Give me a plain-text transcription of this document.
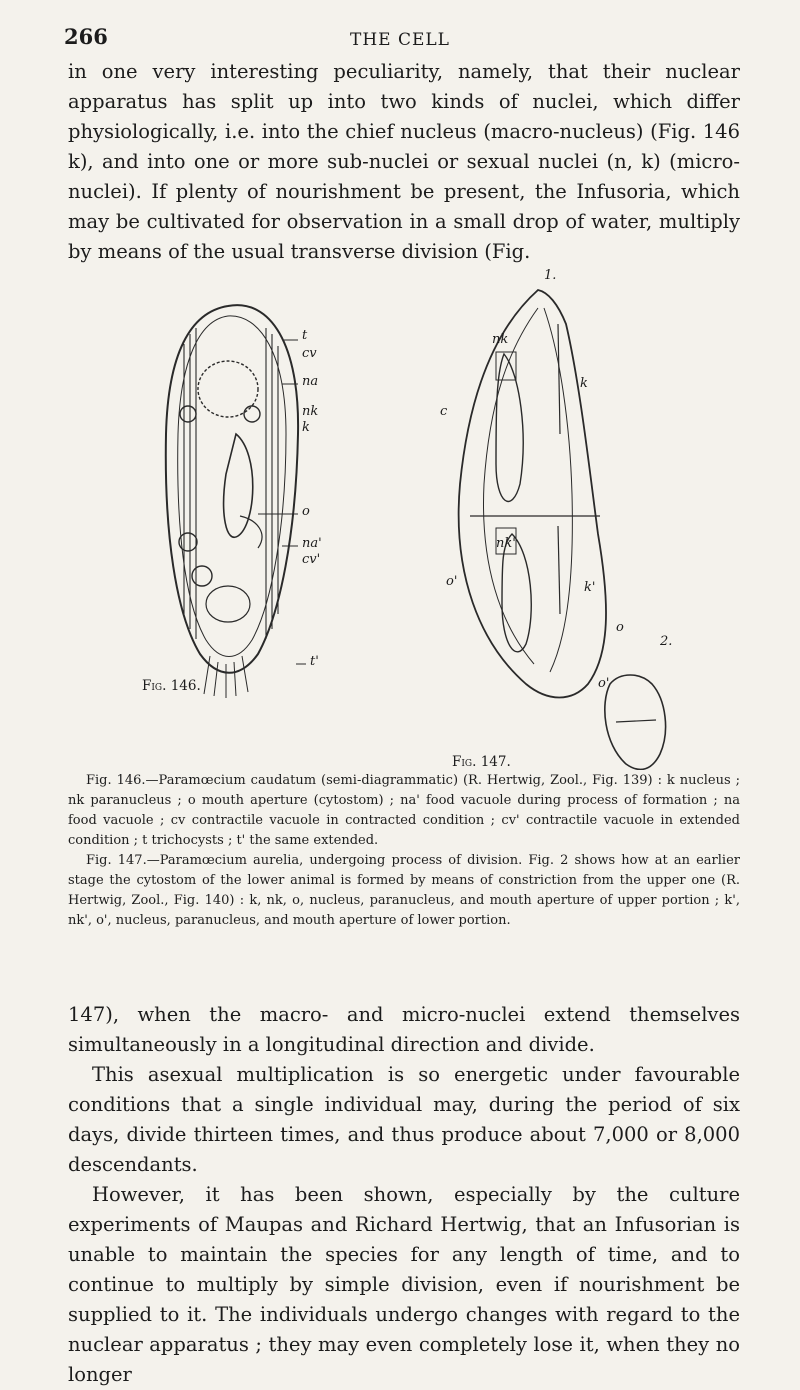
266	THE CELL

in one very interesting peculiarity, namely, that their nuclear apparatus has split up into two kinds of nuclei, which differ physiologically, i.e. into the chief nucleus (macro-nucleus) (Fig. 146 k), and into one or more sub-nuclei or sexual nuclei (n, k) (micro-nuclei). If plenty of nourishment be present, the Infusoria, which may be cultivated for observation in a small drop of water, multiply by means of the usual transverse division (Fig.

t
cv
na
nk
k
o
na'
cv'
t'
Fig. 146.
1.
nk
k
c
nk'
o'	k'
o
2.
o'
Fig. 147.

Fig. 146.—Paramœcium caudatum (semi-diagrammatic) (R. Hertwig, Zool., Fig. 139) : k nucleus ; nk paranucleus ; o mouth aperture (cytostom) ; na' food vacuole during process of formation ; na food vacuole ; cv contractile vacuole in contracted condition ; cv' contractile vacuole in extended condition ; t trichocysts ; t' the same extended.

Fig. 147.—Paramœcium aurelia, undergoing process of division. Fig. 2 shows how at an earlier stage the cytostom of the lower animal is formed by means of constriction from the upper one (R. Hertwig, Zool., Fig. 140) : k, nk, o, nucleus, paranucleus, and mouth aperture of upper portion ; k', nk', o', nucleus, paranucleus, and mouth aperture of lower portion.

147), when the macro- and micro-nuclei extend themselves simultaneously in a longitudinal direction and divide.
This asexual multiplication is so energetic under favourable conditions that a single individual may, during the period of six days, divide thirteen times, and thus produce about 7,000 or 8,000 descendants.
However, it has been shown, especially by the culture experiments of Maupas and Richard Hertwig, that an Infusorian is unable to maintain the species for any length of time, and to continue to multiply by simple division, even if nourishment be supplied to it. The individuals undergo changes with regard to the nuclear apparatus ; they may even completely lose it, when they no longer
